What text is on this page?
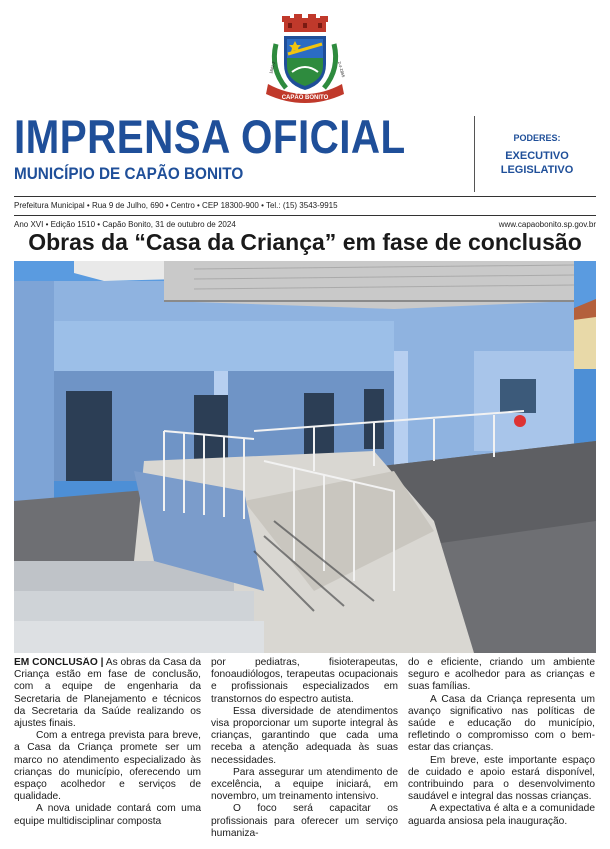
CAPÃO BONITO
1841-2	2-4-1855
IMPRENSA OFICIAL
MUNICÍPIO DE CAPÃO BONITO
PODERES:
EXECUTIVO
LEGISLATIVO
Prefeitura Municipal • Rua 9 de Julho, 690 • Centro • CEP 18300-900 • Tel.: (15) 3543-9915
Ano XVI • Edição 1510 • Capão Bonito, 31 de outubro de 2024	www.capaobonito.sp.gov.br
Obras da “Casa da Criança” em fase de conclusão

EM CONCLUSÃO | As obras da Casa da Criança estão em fase de conclusão, com a equipe de engenharia da Secretaria de Planejamento e técnicos da Secretaria da Saúde realizando os ajustes finais.

Com a entrega prevista para breve, a Casa da Criança promete ser um marco no atendimento especializado às crianças do município, oferecendo um espaço acolhedor e serviços de qualidade.

A nova unidade contará com uma equipe multidisciplinar composta

por pediatras, fisioterapeutas, fonoaudiólogos, terapeutas ocupacionais e profissionais especializados em transtornos do espectro autista.

Essa diversidade de atendimentos visa proporcionar um suporte integral às crianças, garantindo que cada uma receba a atenção adequada às suas necessidades.

Para assegurar um atendimento de excelência, a equipe iniciará, em novembro, um treinamento intensivo.

O foco será capacitar os profissionais para oferecer um serviço humaniza-

do e eficiente, criando um ambiente seguro e acolhedor para as crianças e suas famílias.

A Casa da Criança representa um avanço significativo nas políticas de saúde e educação do município, refletindo o compromisso com o bem-estar das crianças.

Em breve, este importante espaço de cuidado e apoio estará disponível, contribuindo para o desenvolvimento saudável e integral das nossas crianças.

A expectativa é alta e a comunidade aguarda ansiosa pela inauguração.
